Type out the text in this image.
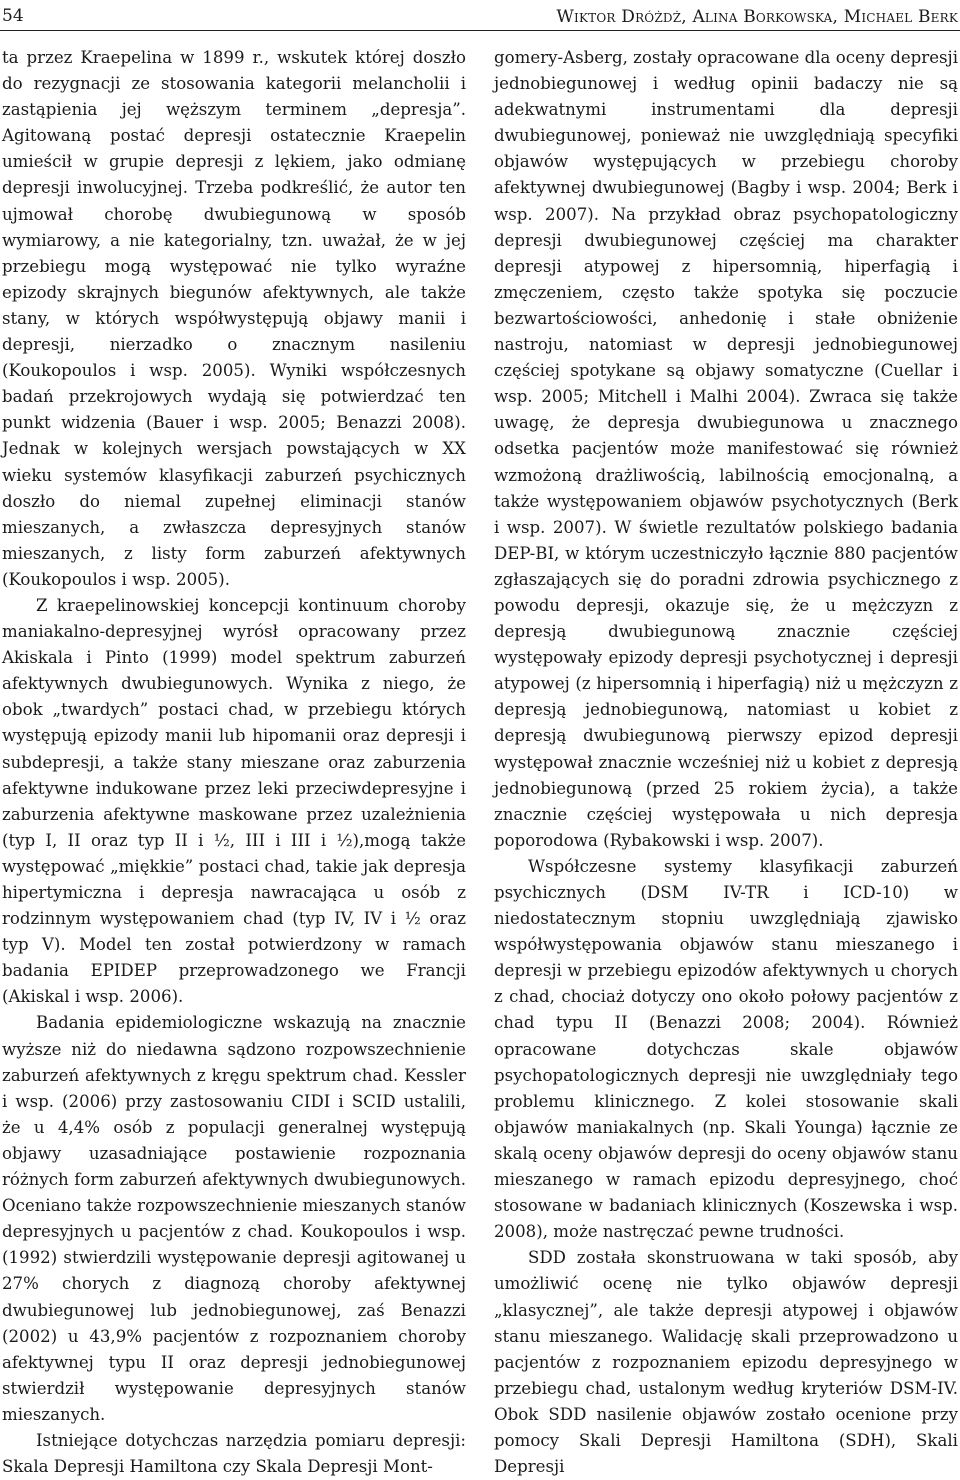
54	Wiktor Dróżdż, Alina Borkowska, Michael Berk

ta przez Kraepelina w 1899 r., wskutek której doszło do rezygnacji ze stosowania kategorii melancholii i zastąpienia jej węższym terminem „depresja”. Agitowaną postać depresji ostatecznie Kraepelin umieścił w grupie depresji z lękiem, jako odmianę depresji inwolucyjnej. Trzeba podkreślić, że autor ten ujmował chorobę dwubiegunową w sposób wymiarowy, a nie kategorialny, tzn. uważał, że w jej przebiegu mogą występować nie tylko wyraźne epizody skrajnych biegunów afektywnych, ale także stany, w których współwystępują objawy manii i depresji, nierzadko o znacznym nasileniu (Koukopoulos i wsp. 2005). Wyniki współczesnych badań przekrojowych wydają się potwierdzać ten punkt widzenia (Bauer i wsp. 2005; Benazzi 2008). Jednak w kolejnych wersjach powstających w XX wieku systemów klasyfikacji zaburzeń psychicznych doszło do niemal zupełnej eliminacji stanów mieszanych, a zwłaszcza depresyjnych stanów mieszanych, z listy form zaburzeń afektywnych (Koukopoulos i wsp. 2005).

Z kraepelinowskiej koncepcji kontinuum choroby maniakalno-depresyjnej wyrósł opracowany przez Akiskala i Pinto (1999) model spektrum zaburzeń afektywnych dwubiegunowych. Wynika z niego, że obok „twardych” postaci chad, w przebiegu których występują epizody manii lub hipomanii oraz depresji i subdepresji, a także stany mieszane oraz zaburzenia afektywne indukowane przez leki przeciwdepresyjne i zaburzenia afektywne maskowane przez uzależnienia (typ I, II oraz typ II i ½, III i III i ½),mogą także występować „miękkie” postaci chad, takie jak depresja hipertymiczna i depresja nawracająca u osób z rodzinnym występowaniem chad (typ IV, IV i ½ oraz typ V). Model ten został potwierdzony w ramach badania EPIDEP przeprowadzonego we Francji (Akiskal i wsp. 2006).

Badania epidemiologiczne wskazują na znacznie wyższe niż do niedawna sądzono rozpowszechnienie zaburzeń afektywnych z kręgu spektrum chad. Kessler i wsp. (2006) przy zastosowaniu CIDI i SCID ustalili, że u 4,4% osób z populacji generalnej występują objawy uzasadniające postawienie rozpoznania różnych form zaburzeń afektywnych dwubiegunowych. Oceniano także rozpowszechnienie mieszanych stanów depresyjnych u pacjentów z chad. Koukopoulos i wsp. (1992) stwierdzili występowanie depresji agitowanej u 27% chorych z diagnozą choroby afektywnej dwubiegunowej lub jednobiegunowej, zaś Benazzi (2002) u 43,9% pacjentów z rozpoznaniem choroby afektywnej typu II oraz depresji jednobiegunowej stwierdził występowanie depresyjnych stanów mieszanych.

Istniejące dotychczas narzędzia pomiaru depresji: Skala Depresji Hamiltona czy Skala Depresji Mont-

gomery-Asberg, zostały opracowane dla oceny depresji jednobiegunowej i według opinii badaczy nie są adekwatnymi instrumentami dla depresji dwubiegunowej, ponieważ nie uwzględniają specyfiki objawów występujących w przebiegu choroby afektywnej dwubiegunowej (Bagby i wsp. 2004; Berk i wsp. 2007). Na przykład obraz psychopatologiczny depresji dwubiegunowej częściej ma charakter depresji atypowej z hipersomnią, hiperfagią i zmęczeniem, często także spotyka się poczucie bezwartościowości, anhedonię i stałe obniżenie nastroju, natomiast w depresji jednobiegunowej częściej spotykane są objawy somatyczne (Cuellar i wsp. 2005; Mitchell i Malhi 2004). Zwraca się także uwagę, że depresja dwubiegunowa u znacznego odsetka pacjentów może manifestować się również wzmożoną drażliwością, labilnością emocjonalną, a także występowaniem objawów psychotycznych (Berk i wsp. 2007). W świetle rezultatów polskiego badania DEP-BI, w którym uczestniczyło łącznie 880 pacjentów zgłaszających się do poradni zdrowia psychicznego z powodu depresji, okazuje się, że u mężczyzn z depresją dwubiegunową znacznie częściej występowały epizody depresji psychotycznej i depresji atypowej (z hipersomnią i hiperfagią) niż u mężczyzn z depresją jednobiegunową, natomiast u kobiet z depresją dwubiegunową pierwszy epizod depresji występował znacznie wcześniej niż u kobiet z depresją jednobiegunową (przed 25 rokiem życia), a także znacznie częściej występowała u nich depresja poporodowa (Rybakowski i wsp. 2007).

Współczesne systemy klasyfikacji zaburzeń psychicznych (DSM IV-TR i ICD-10) w niedostatecznym stopniu uwzględniają zjawisko współwystępowania objawów stanu mieszanego i depresji w przebiegu epizodów afektywnych u chorych z chad, chociaż dotyczy ono około połowy pacjentów z chad typu II (Benazzi 2008; 2004). Również opracowane dotychczas skale objawów psychopatologicznych depresji nie uwzględniały tego problemu klinicznego. Z kolei stosowanie skali objawów maniakalnych (np. Skali Younga) łącznie ze skalą oceny objawów depresji do oceny objawów stanu mieszanego w ramach epizodu depresyjnego, choć stosowane w badaniach klinicznych (Koszewska i wsp. 2008), może nastręczać pewne trudności.

SDD została skonstruowana w taki sposób, aby umożliwić ocenę nie tylko objawów depresji „klasycznej”, ale także depresji atypowej i objawów stanu mieszanego. Walidację skali przeprowadzono u pacjentów z rozpoznaniem epizodu depresyjnego w przebiegu chad, ustalonym według kryteriów DSM-IV. Obok SDD nasilenie objawów zostało ocenione przy pomocy Skali Depresji Hamiltona (SDH), Skali Depresji
